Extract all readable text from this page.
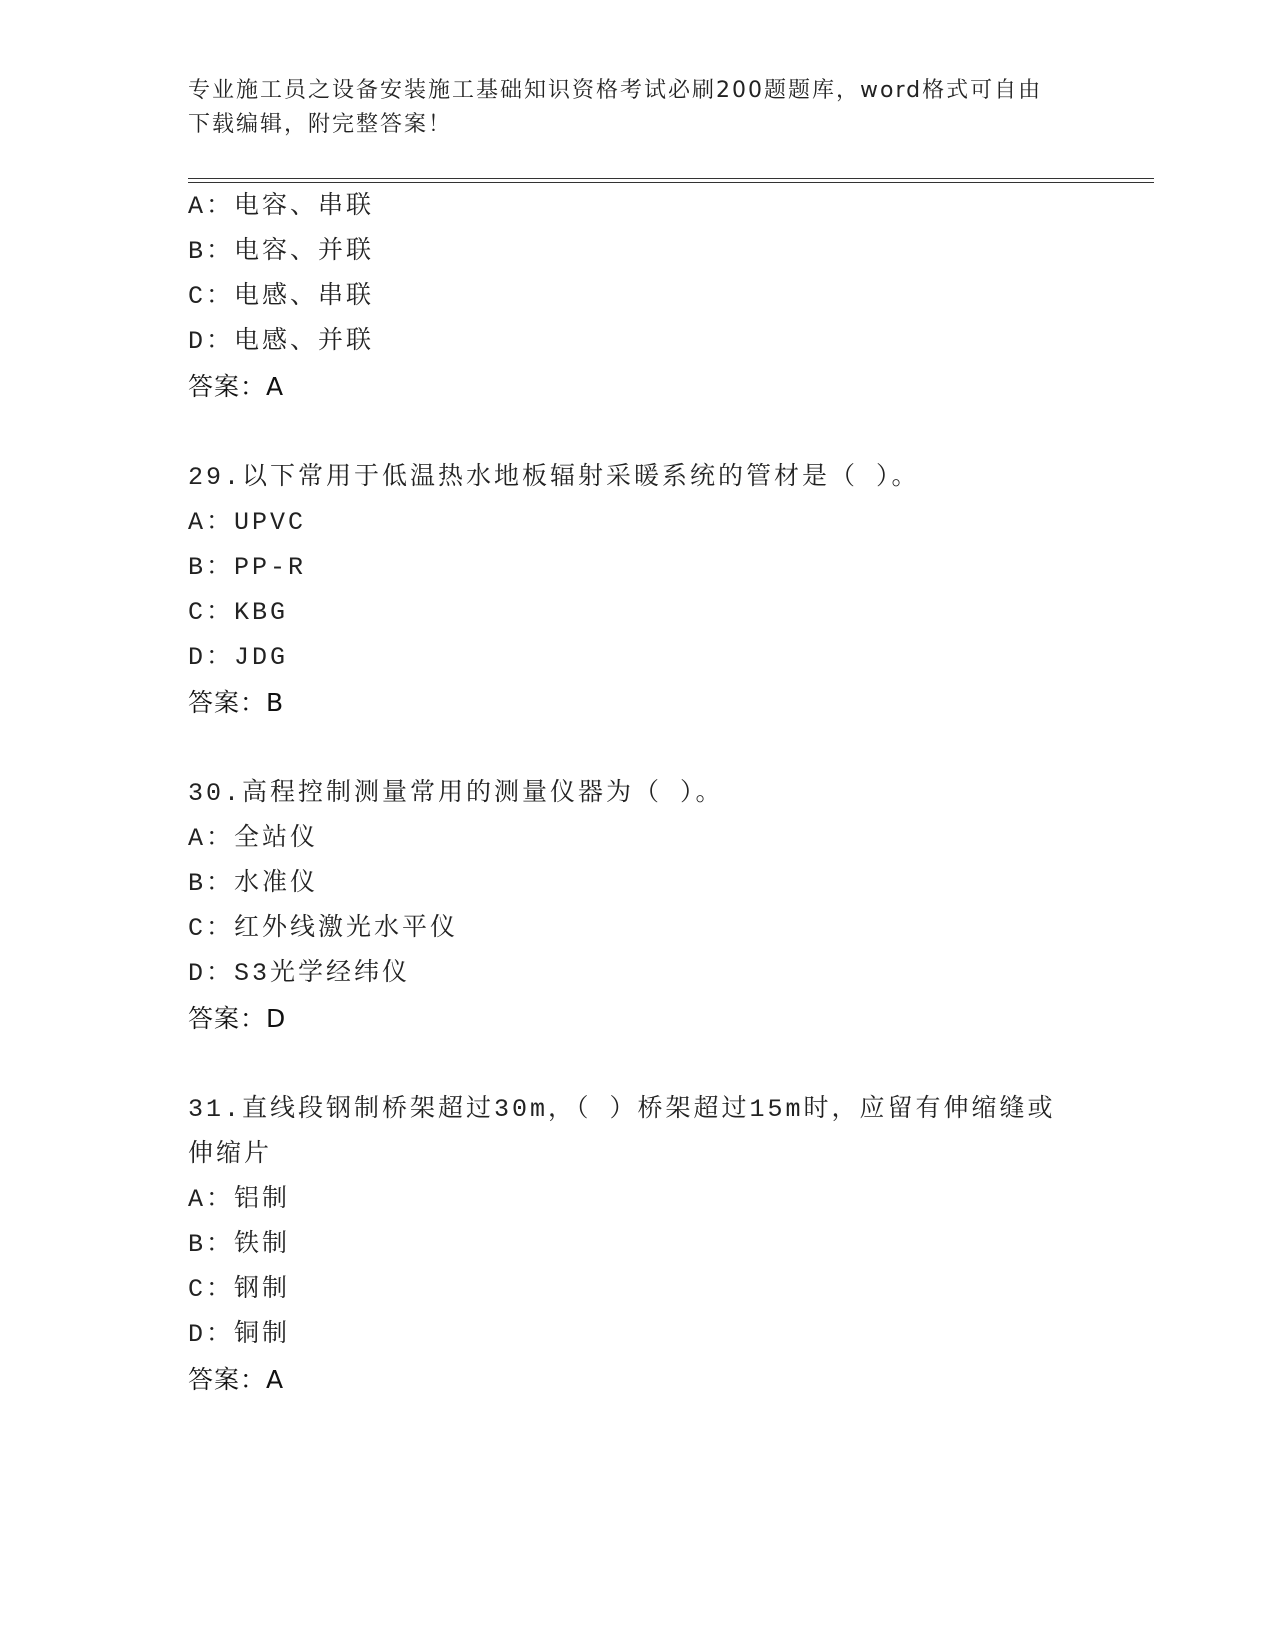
专业施工员之设备安装施工基础知识资格考试必刷200题题库，word格式可自由
下载编辑，附完整答案！
A：电容、串联
B：电容、并联
C：电感、串联
D：电感、并联
答案：A
29.以下常用于低温热水地板辐射采暖系统的管材是（ ）。
A：UPVC
B：PP-R
C：KBG
D：JDG
答案：B
30.高程控制测量常用的测量仪器为（ ）。
A：全站仪
B：水准仪
C：红外线激光水平仪
D：S3光学经纬仪
答案：D
31.直线段钢制桥架超过30m，（ ）桥架超过15m时，应留有伸缩缝或
伸缩片
A：铝制
B：铁制
C：钢制
D：铜制
答案：A
